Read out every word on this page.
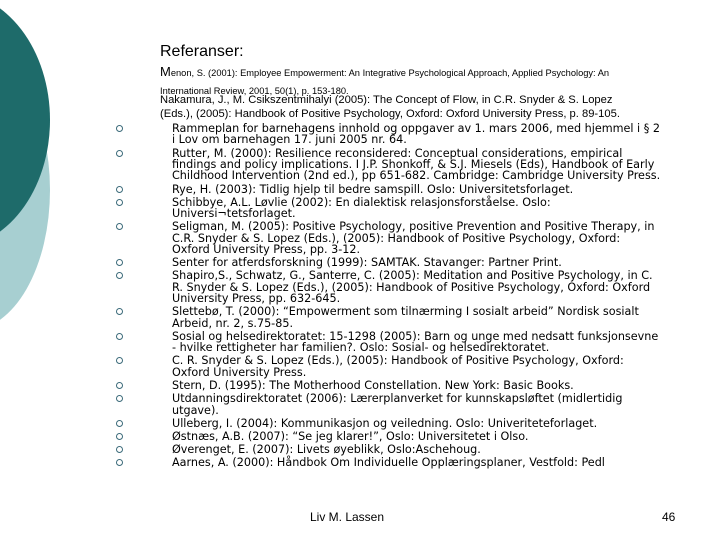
Referanser:
Menon, S. (2001): Employee Empowerment: An Integrative Psychological Approach, Applied Psychology: An
International Review, 2001, 50(1), p. 153-180.
Nakamura, J., M. Csikszentmihalyi (2005): The Concept of Flow, in C.R. Snyder & S. Lopez
(Eds.), (2005): Handbook of Positive Psychology, Oxford: Oxford University Press, p. 89-105.
Rammeplan for barnehagens innhold og oppgaver av 1. mars 2006, med hjemmel i § 2
i Lov om barnehagen 17. juni 2005 nr. 64.
Rutter, M. (2000): Resilience reconsidered: Conceptual considerations, empirical
findings and policy implications. I J.P. Shonkoff, & S.J. Miesels (Eds), Handbook of Early
Childhood Intervention (2nd ed.), pp 651-682. Cambridge: Cambridge University Press.
Rye, H. (2003): Tidlig hjelp til bedre samspill. Oslo: Universitetsforlaget.
Schibbye, A.L. Løvlie (2002): En dialektisk relasjonsforståelse. Oslo:
Universi¬tetsforlaget.
Seligman, M. (2005): Positive Psychology, positive Prevention and Positive Therapy, in
C.R. Snyder & S. Lopez (Eds.), (2005): Handbook of Positive Psychology, Oxford:
Oxford University Press, pp. 3-12.
Senter for atferdsforskning (1999): SAMTAK. Stavanger: Partner Print.
Shapiro,S., Schwatz, G., Santerre, C. (2005): Meditation and Positive Psychology, in C.
R. Snyder & S. Lopez (Eds.), (2005): Handbook of Positive Psychology, Oxford: Oxford
University Press, pp. 632-645.
Slettebø, T. (2000): “Empowerment som tilnærming I sosialt arbeid” Nordisk sosialt
Arbeid, nr. 2, s.75-85.
Sosial og helsedirektoratet: 15-1298 (2005): Barn og unge med nedsatt funksjonsevne
- hvilke rettigheter har familien?. Oslo: Sosial- og helsedirektoratet.
C. R. Snyder & S. Lopez (Eds.), (2005): Handbook of Positive Psychology, Oxford:
Oxford University Press.
Stern, D. (1995): The Motherhood Constellation. New York: Basic Books.
Utdanningsdirektoratet (2006): Lærerplanverket for kunnskapsløftet (midlertidig
utgave).
Ulleberg, I. (2004): Kommunikasjon og veiledning. Oslo: Univeriteteforlaget.
Østnæs, A.B. (2007): “Se jeg klarer!”, Oslo: Universitetet i Olso.
Øverenget, E. (2007): Livets øyeblikk, Oslo:Aschehoug.
Aarnes, A. (2000): Håndbok Om Individuelle Opplæringsplaner, Vestfold: Pedl
Liv M. Lassen	46
